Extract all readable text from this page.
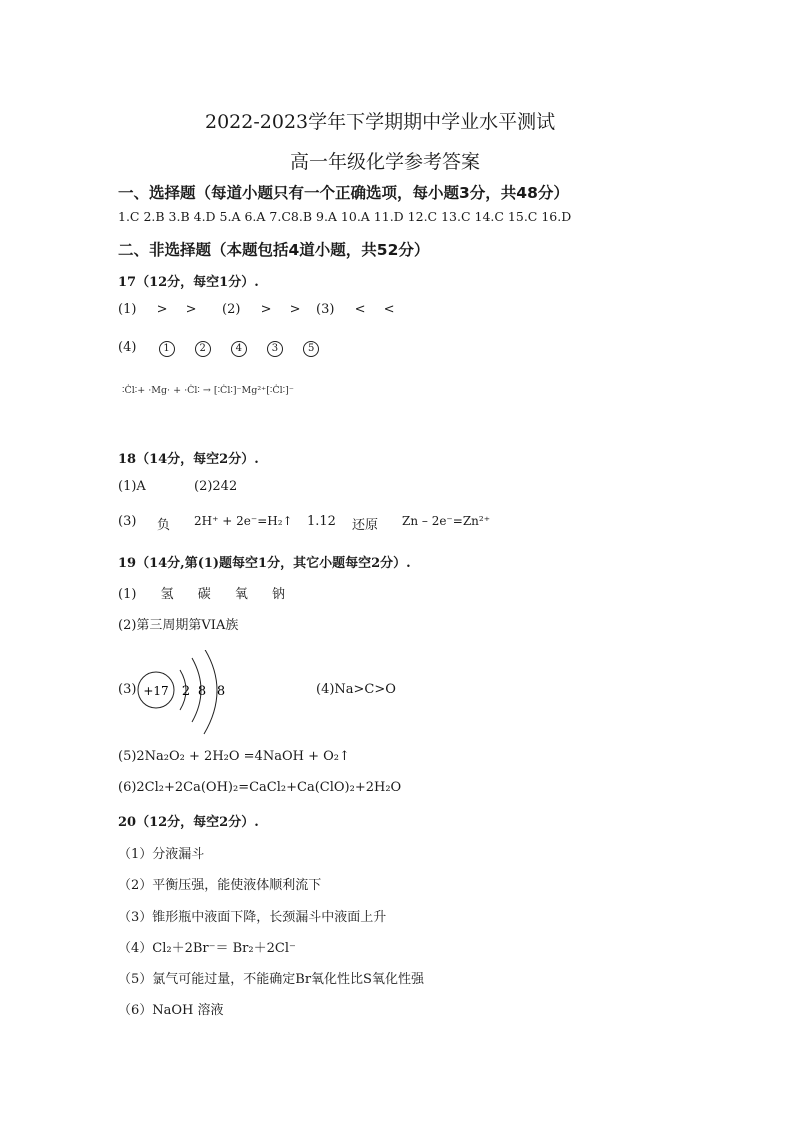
2022-2023学年下学期期中学业水平测试
高一年级化学参考答案
一、选择题（每道小题只有一个正确选项，每小题3分，共48分）
1.C 2.B 3.B 4.D 5.A 6.A 7.C8.B 9.A 10.A 11.D 12.C 13.C 14.C 15.C 16.D
二、非选择题（本题包括4道小题，共52分）
17（12分，每空1分）.
(1) > > (2) > > (3) < <
(4)	1	2	4	3	5
∶Ċl∶+ ·Mg· + ·Ċl∶ → [∶Ċl∶]⁻Mg²⁺[∶Ċl∶]⁻
18（14分，每空2分）.
(1)A	(2)242
(3) 负 2H⁺ + 2e⁻=H₂↑ 1.12 还原 Zn – 2e⁻=Zn²⁺
19（14分,第(1)题每空1分，其它小题每空2分）.
(1) 氢 碳 氧 钠
(2)第三周期第VIA族
(3) +17 2 8 8	(4)Na>C>O
(5)2Na₂O₂ + 2H₂O =4NaOH + O₂↑
(6)2Cl₂+2Ca(OH)₂=CaCl₂+Ca(ClO)₂+2H₂O
20（12分，每空2分）.
（1）分液漏斗
（2）平衡压强，能使液体顺利流下
（3）锥形瓶中液面下降，长颈漏斗中液面上升
（4）Cl₂＋2Br⁻＝ Br₂＋2Cl⁻
（5）氯气可能过量，不能确定Br氧化性比S氧化性强
（6）NaOH 溶液
